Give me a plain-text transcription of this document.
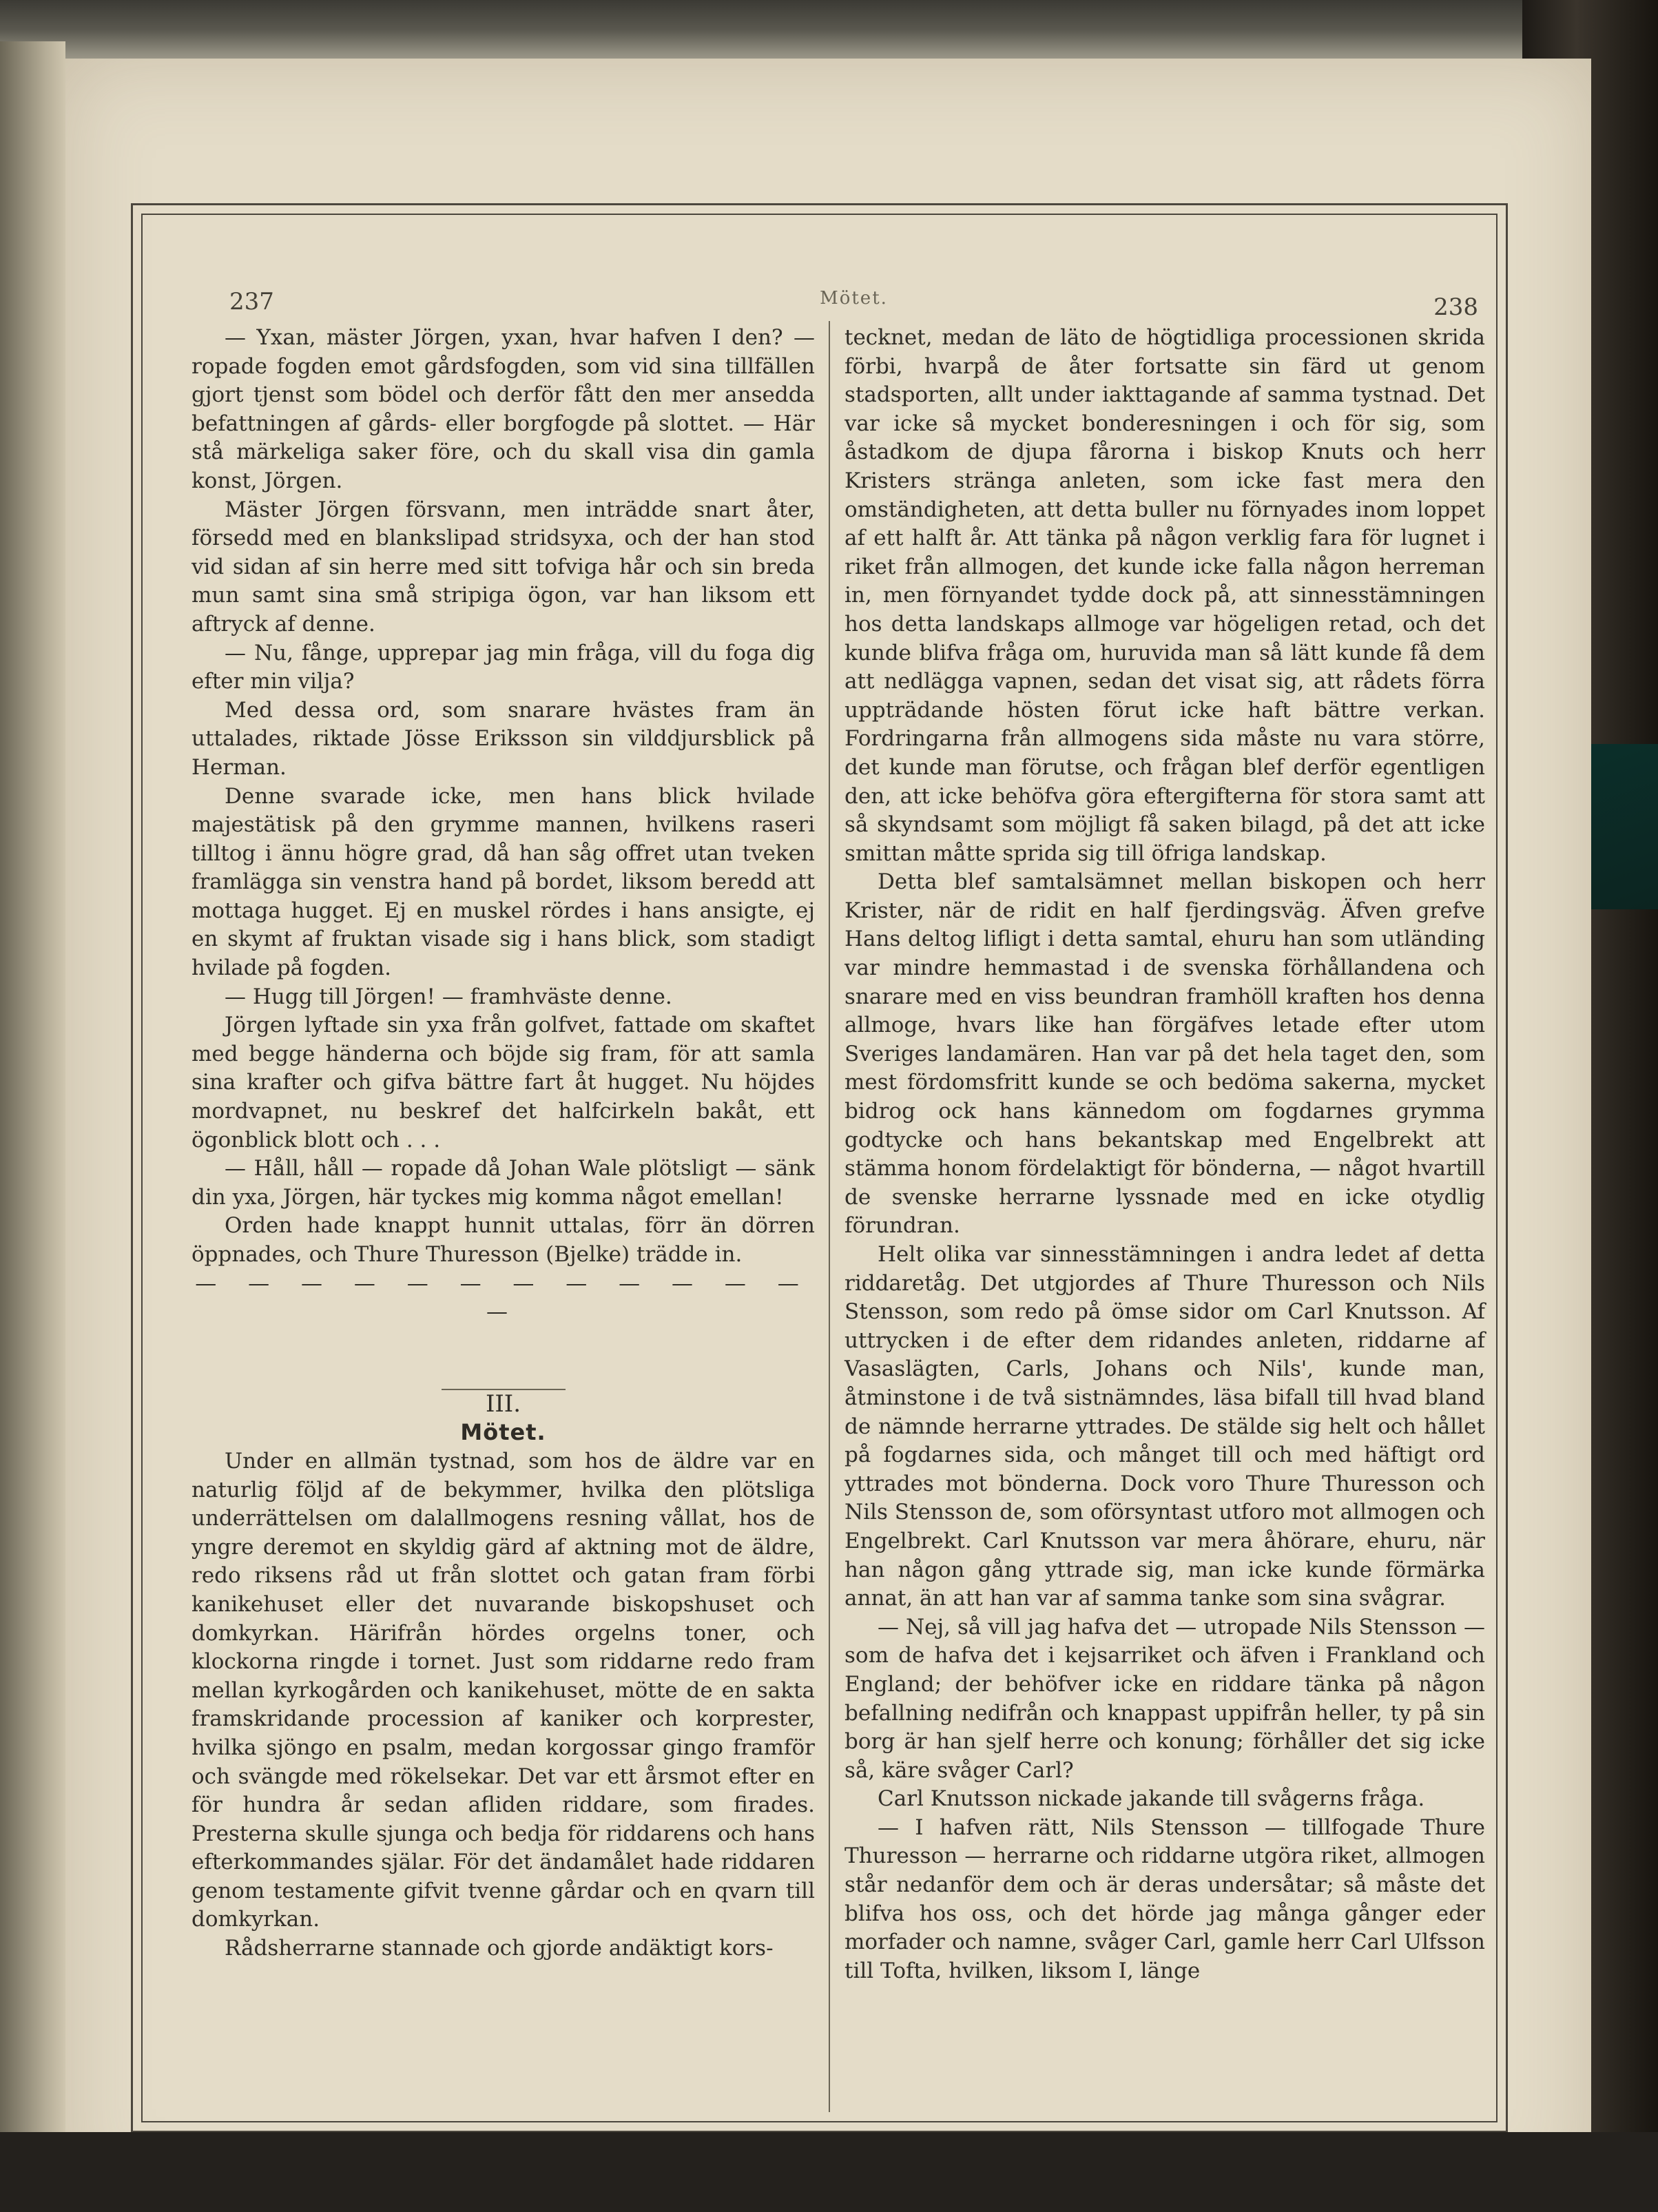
237	Mötet.	238

— Yxan, mäster Jörgen, yxan, hvar hafven I den? — ropade fogden emot gårdsfogden, som vid sina tillfällen gjort tjenst som bödel och derför fått den mer ansedda befattningen af gårds- eller borgfogde på slottet. — Här stå märkeliga saker före, och du skall visa din gamla konst, Jörgen.

Mäster Jörgen försvann, men inträdde snart åter, försedd med en blankslipad stridsyxa, och der han stod vid sidan af sin herre med sitt tofviga hår och sin breda mun samt sina små stripiga ögon, var han liksom ett aftryck af denne.

— Nu, fånge, upprepar jag min fråga, vill du foga dig efter min vilja?

Med dessa ord, som snarare hvästes fram än uttalades, riktade Jösse Eriksson sin vilddjursblick på Herman.

Denne svarade icke, men hans blick hvilade majestätisk på den grymme mannen, hvilkens raseri tilltog i ännu högre grad, då han såg offret utan tveken framlägga sin venstra hand på bordet, liksom beredd att mottaga hugget. Ej en muskel rördes i hans ansigte, ej en skymt af fruktan visade sig i hans blick, som stadigt hvilade på fogden.

— Hugg till Jörgen! — framhväste denne.

Jörgen lyftade sin yxa från golfvet, fattade om skaftet med begge händerna och böjde sig fram, för att samla sina krafter och gifva bättre fart åt hugget. Nu höjdes mordvapnet, nu beskref det halfcirkeln bakåt, ett ögonblick blott och . . .

— Håll, håll — ropade då Johan Wale plötsligt — sänk din yxa, Jörgen, här tyckes mig komma något emellan!

Orden hade knappt hunnit uttalas, förr än dörren öppnades, och Thure Thuresson (Bjelke) trädde in.

— — — — — — — — — — — — —

III.

Mötet.

Under en allmän tystnad, som hos de äldre var en naturlig följd af de bekymmer, hvilka den plötsliga underrättelsen om dalallmogens resning vållat, hos de yngre deremot en skyldig gärd af aktning mot de äldre, redo riksens råd ut från slottet och gatan fram förbi kanikehuset eller det nuvarande biskopshuset och domkyrkan. Härifrån hördes orgelns toner, och klockorna ringde i tornet. Just som riddarne redo fram mellan kyrkogården och kanikehuset, mötte de en sakta framskridande procession af kaniker och korprester, hvilka sjöngo en psalm, medan korgossar gingo framför och svängde med rökelsekar. Det var ett årsmot efter en för hundra år sedan afliden riddare, som firades. Presterna skulle sjunga och bedja för riddarens och hans efterkommandes själar. För det ändamålet hade riddaren genom testamente gifvit tvenne gårdar och en qvarn till domkyrkan.

Rådsherrarne stannade och gjorde andäktigt kors-

tecknet, medan de läto de högtidliga processionen skrida förbi, hvarpå de åter fortsatte sin färd ut genom stadsporten, allt under iakttagande af samma tystnad. Det var icke så mycket bonderesningen i och för sig, som åstadkom de djupa fårorna i biskop Knuts och herr Kristers stränga anleten, som icke fast mera den omständigheten, att detta buller nu förnyades inom loppet af ett halft år. Att tänka på någon verklig fara för lugnet i riket från allmogen, det kunde icke falla någon herreman in, men förnyandet tydde dock på, att sinnesstämningen hos detta landskaps allmoge var högeligen retad, och det kunde blifva fråga om, huruvida man så lätt kunde få dem att nedlägga vapnen, sedan det visat sig, att rådets förra uppträdande hösten förut icke haft bättre verkan. Fordringarna från allmogens sida måste nu vara större, det kunde man förutse, och frågan blef derför egentligen den, att icke behöfva göra eftergifterna för stora samt att så skyndsamt som möjligt få saken bilagd, på det att icke smittan måtte sprida sig till öfriga landskap.

Detta blef samtalsämnet mellan biskopen och herr Krister, när de ridit en half fjerdingsväg. Äfven grefve Hans deltog lifligt i detta samtal, ehuru han som utländing var mindre hemmastad i de svenska förhållandena och snarare med en viss beundran framhöll kraften hos denna allmoge, hvars like han förgäfves letade efter utom Sveriges landamären. Han var på det hela taget den, som mest fördomsfritt kunde se och bedöma sakerna, mycket bidrog ock hans kännedom om fogdarnes grymma godtycke och hans bekantskap med Engelbrekt att stämma honom fördelaktigt för bönderna, — något hvartill de svenske herrarne lyssnade med en icke otydlig förundran.

Helt olika var sinnesstämningen i andra ledet af detta riddaretåg. Det utgjordes af Thure Thuresson och Nils Stensson, som redo på ömse sidor om Carl Knutsson. Af uttrycken i de efter dem ridandes anleten, riddarne af Vasaslägten, Carls, Johans och Nils', kunde man, åtminstone i de två sistnämndes, läsa bifall till hvad bland de nämnde herrarne yttrades. De stälde sig helt och hållet på fogdarnes sida, och månget till och med häftigt ord yttrades mot bönderna. Dock voro Thure Thuresson och Nils Stensson de, som oförsyntast utforo mot allmogen och Engelbrekt. Carl Knutsson var mera åhörare, ehuru, när han någon gång yttrade sig, man icke kunde förmärka annat, än att han var af samma tanke som sina svågrar.

— Nej, så vill jag hafva det — utropade Nils Stensson — som de hafva det i kejsarriket och äfven i Frankland och England; der behöfver icke en riddare tänka på någon befallning nedifrån och knappast uppifrån heller, ty på sin borg är han sjelf herre och konung; förhåller det sig icke så, käre svåger Carl?

Carl Knutsson nickade jakande till svågerns fråga.

— I hafven rätt, Nils Stensson — tillfogade Thure Thuresson — herrarne och riddarne utgöra riket, allmogen står nedanför dem och är deras undersåtar; så måste det blifva hos oss, och det hörde jag många gånger eder morfader och namne, svåger Carl, gamle herr Carl Ulfsson till Tofta, hvilken, liksom I, länge
